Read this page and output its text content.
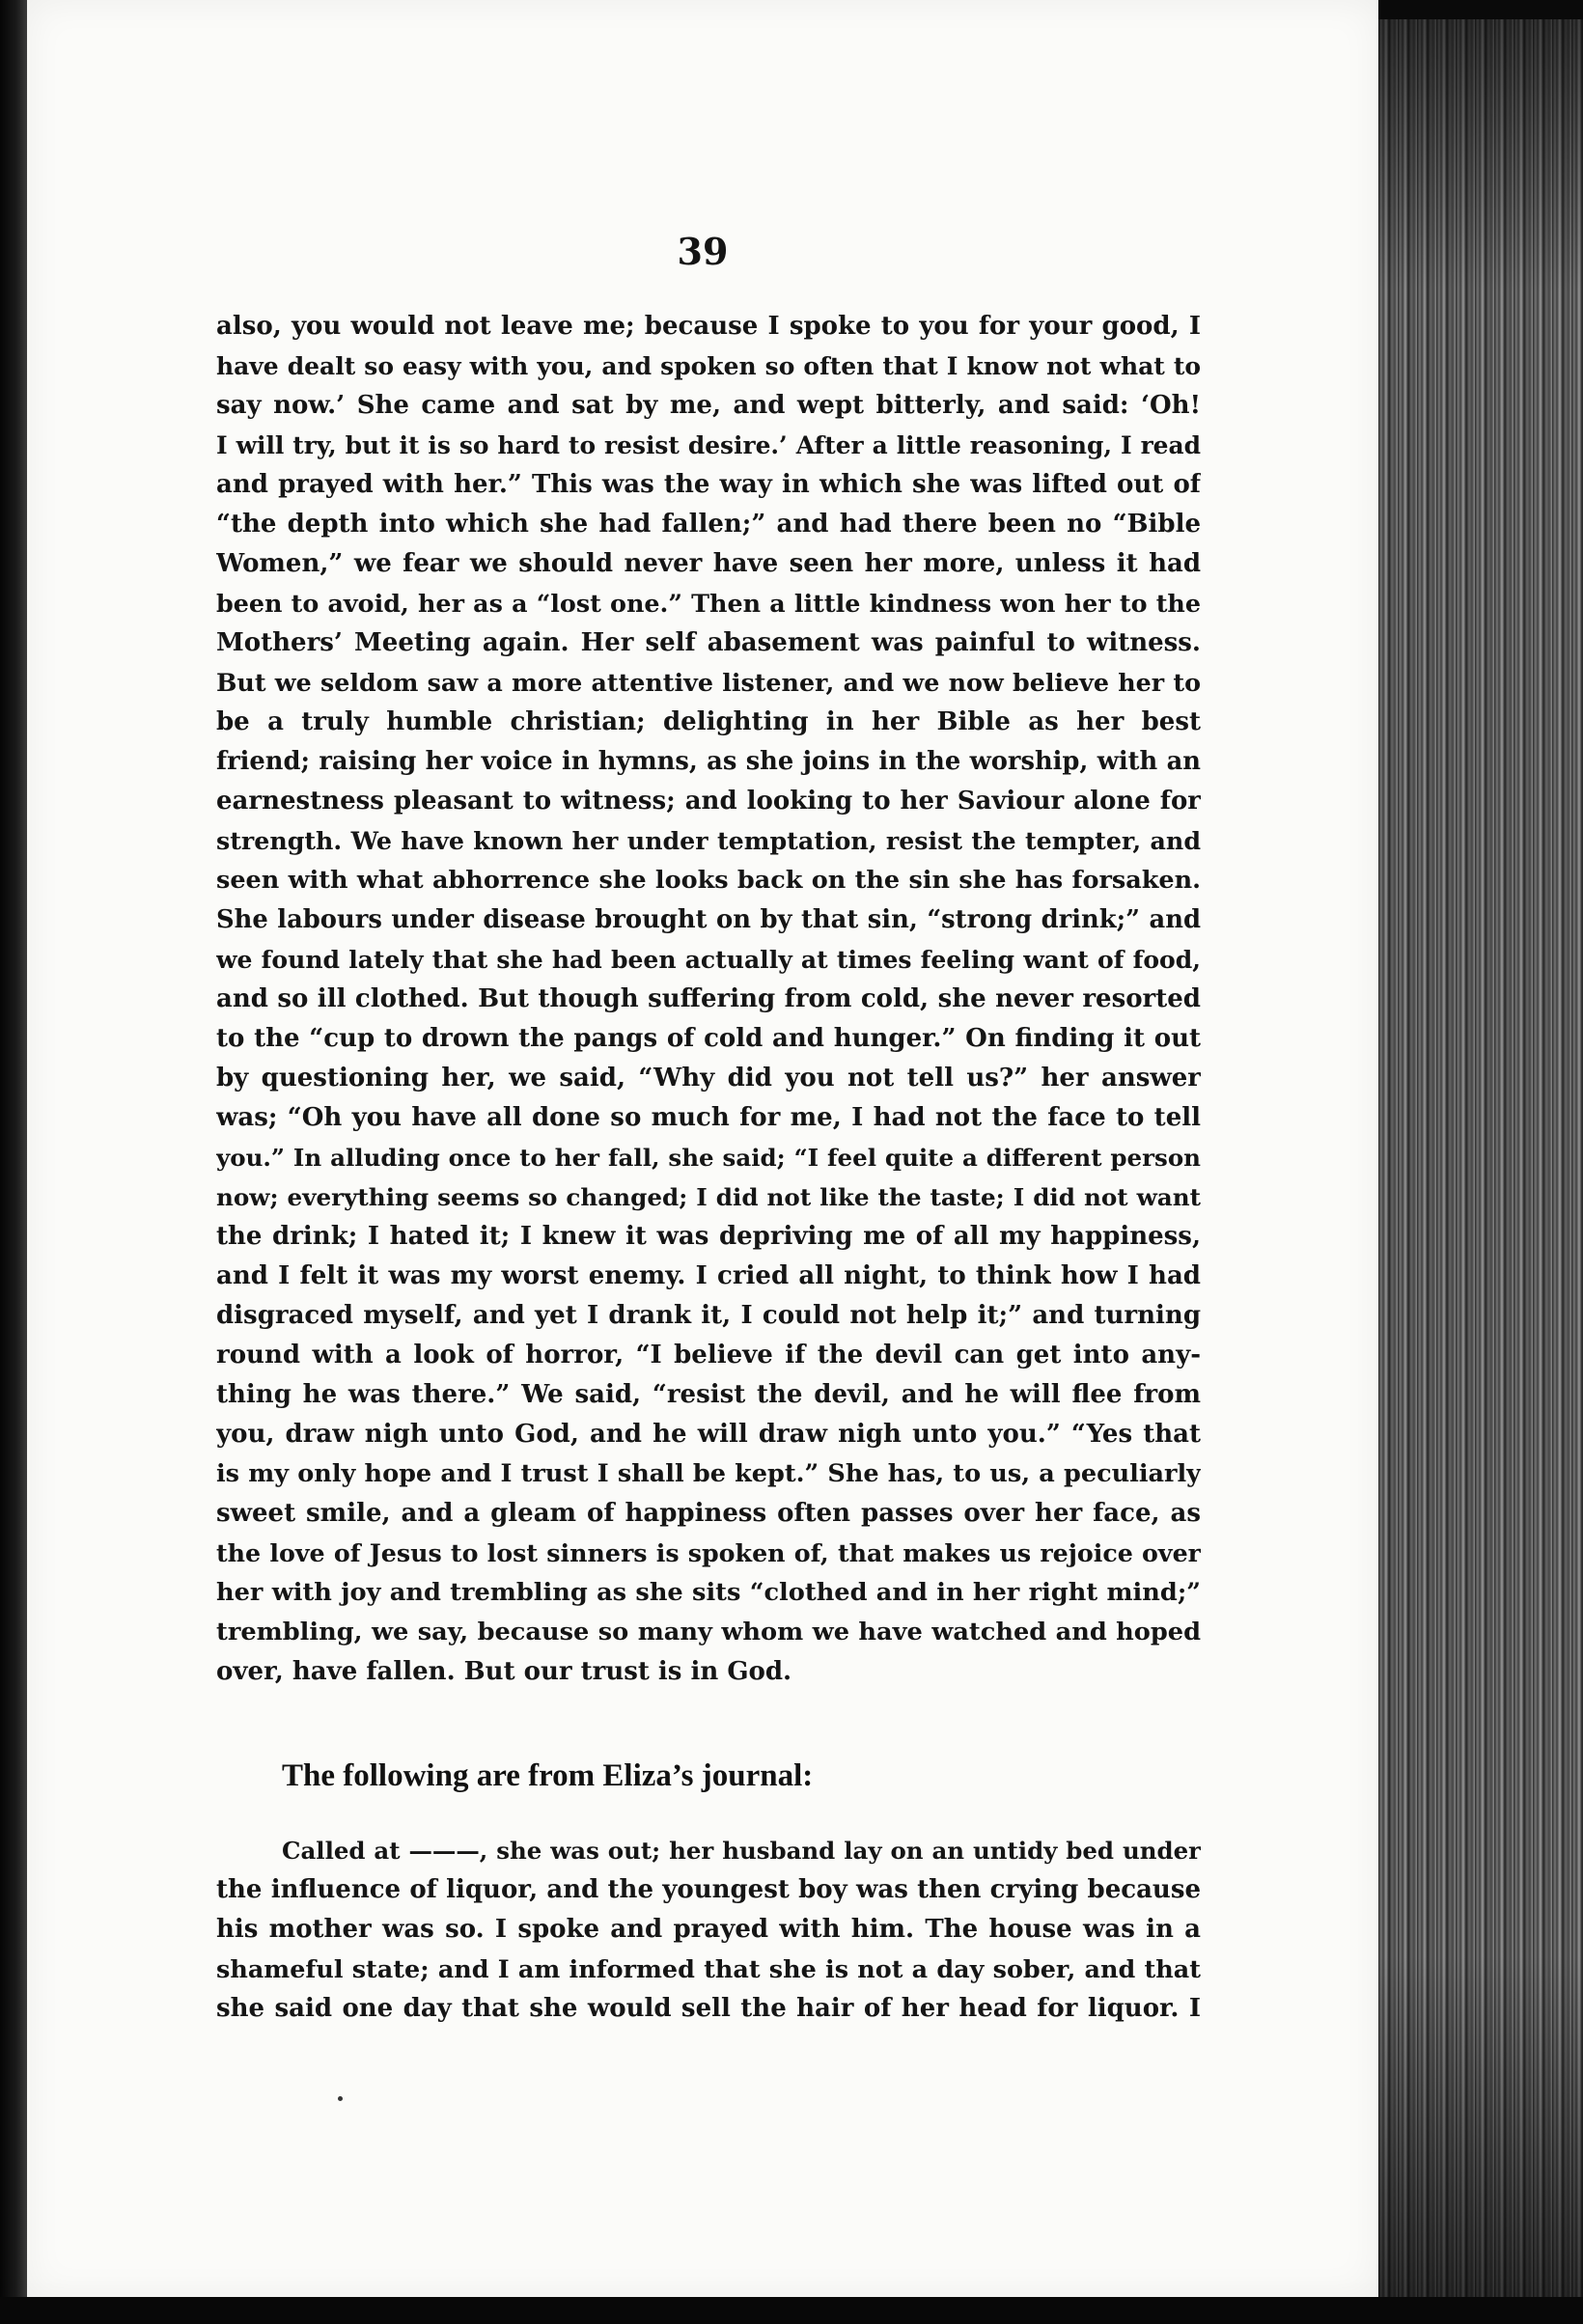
39
also, you would not leave me; because I spoke to you for your good, I
have dealt so easy with you, and spoken so often that I know not what to
say now.’ She came and sat by me, and wept bitterly, and said: ‘Oh!
I will try, but it is so hard to resist desire.’ After a little reasoning, I read
and prayed with her.” This was the way in which she was lifted out of
“the depth into which she had fallen;” and had there been no “Bible
Women,” we fear we should never have seen her more, unless it had
been to avoid, her as a “lost one.” Then a little kindness won her to the
Mothers’ Meeting again. Her self abasement was painful to witness.
But we seldom saw a more attentive listener, and we now believe her to
be a truly humble christian; delighting in her Bible as her best
friend; raising her voice in hymns, as she joins in the worship, with an
earnestness pleasant to witness; and looking to her Saviour alone for
strength. We have known her under temptation, resist the tempter, and
seen with what abhorrence she looks back on the sin she has forsaken.
She labours under disease brought on by that sin, “strong drink;” and
we found lately that she had been actually at times feeling want of food,
and so ill clothed. But though suffering from cold, she never resorted
to the “cup to drown the pangs of cold and hunger.” On finding it out
by questioning her, we said, “Why did you not tell us?” her answer
was; “Oh you have all done so much for me, I had not the face to tell
you.” In alluding once to her fall, she said; “I feel quite a different person
now; everything seems so changed; I did not like the taste; I did not want
the drink; I hated it; I knew it was depriving me of all my happiness,
and I felt it was my worst enemy. I cried all night, to think how I had
disgraced myself, and yet I drank it, I could not help it;” and turning
round with a look of horror, “I believe if the devil can get into any-
thing he was there.” We said, “resist the devil, and he will flee from
you, draw nigh unto God, and he will draw nigh unto you.” “Yes that
is my only hope and I trust I shall be kept.” She has, to us, a peculiarly
sweet smile, and a gleam of happiness often passes over her face, as
the love of Jesus to lost sinners is spoken of, that makes us rejoice over
her with joy and trembling as she sits “clothed and in her right mind;”
trembling, we say, because so many whom we have watched and hoped
over, have fallen. But our trust is in God.
The following are from Eliza’s journal:
Called at ———, she was out; her husband lay on an untidy bed under
the influence of liquor, and the youngest boy was then crying because
his mother was so. I spoke and prayed with him. The house was in a
shameful state; and I am informed that she is not a day sober, and that
she said one day that she would sell the hair of her head for liquor. I
